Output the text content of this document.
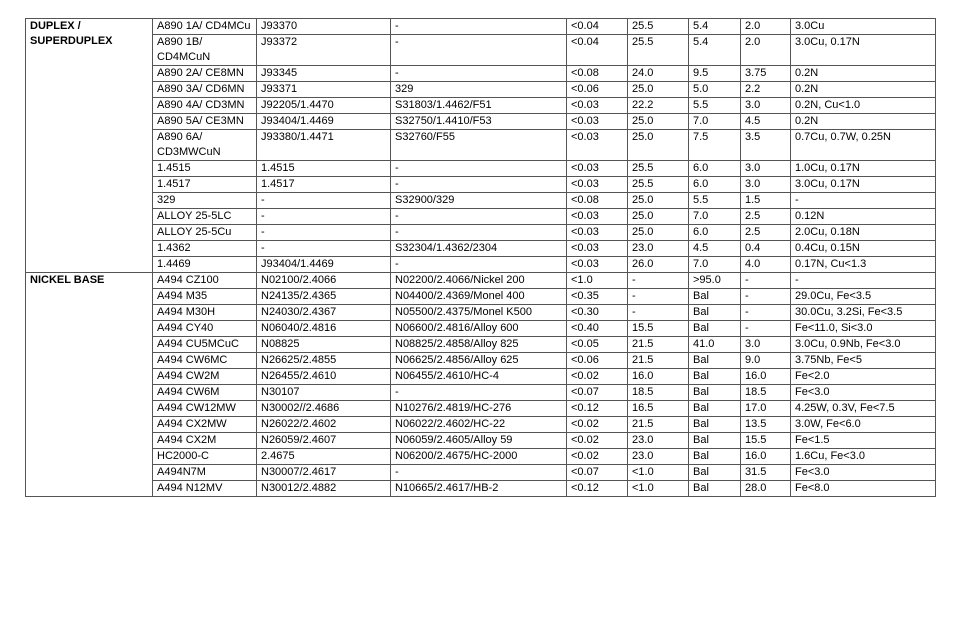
DUPLEX / SUPERDUPLEX	A890 1A/ CD4MCu	J93370	-	<0.04	25.5	5.4	2.0	3.0Cu
	A890 1B/ CD4MCuN	J93372	-	<0.04	25.5	5.4	2.0	3.0Cu, 0.17N
	A890 2A/ CE8MN	J93345	-	<0.08	24.0	9.5	3.75	0.2N
	A890 3A/ CD6MN	J93371	329	<0.06	25.0	5.0	2.2	0.2N
	A890 4A/ CD3MN	J92205/1.4470	S31803/1.4462/F51	<0.03	22.2	5.5	3.0	0.2N, Cu<1.0
	A890 5A/ CE3MN	J93404/1.4469	S32750/1.4410/F53	<0.03	25.0	7.0	4.5	0.2N
	A890 6A/ CD3MWCuN	J93380/1.4471	S32760/F55	<0.03	25.0	7.5	3.5	0.7Cu, 0.7W, 0.25N
	1.4515	1.4515	-	<0.03	25.5	6.0	3.0	1.0Cu, 0.17N
	1.4517	1.4517	-	<0.03	25.5	6.0	3.0	3.0Cu, 0.17N
	329	-	S32900/329	<0.08	25.0	5.5	1.5	-
	ALLOY 25-5LC	-	-	<0.03	25.0	7.0	2.5	0.12N
	ALLOY 25-5Cu	-	-	<0.03	25.0	6.0	2.5	2.0Cu, 0.18N
	1.4362	-	S32304/1.4362/2304	<0.03	23.0	4.5	0.4	0.4Cu, 0.15N
	1.4469	J93404/1.4469	-	<0.03	26.0	7.0	4.0	0.17N, Cu<1.3
NICKEL BASE	A494 CZ100	N02100/2.4066	N02200/2.4066/Nickel 200	<1.0	-	>95.0	-	-
	A494 M35	N24135/2.4365	N04400/2.4369/Monel 400	<0.35	-	Bal	-	29.0Cu, Fe<3.5
	A494 M30H	N24030/2.4367	N05500/2.4375/Monel K500	<0.30	-	Bal	-	30.0Cu, 3.2Si, Fe<3.5
	A494 CY40	N06040/2.4816	N06600/2.4816/Alloy 600	<0.40	15.5	Bal	-	Fe<11.0, Si<3.0
	A494 CU5MCuC	N08825	N08825/2.4858/Alloy 825	<0.05	21.5	41.0	3.0	3.0Cu, 0.9Nb, Fe<3.0
	A494 CW6MC	N26625/2.4855	N06625/2.4856/Alloy 625	<0.06	21.5	Bal	9.0	3.75Nb, Fe<5
	A494 CW2M	N26455/2.4610	N06455/2.4610/HC-4	<0.02	16.0	Bal	16.0	Fe<2.0
	A494 CW6M	N30107	-	<0.07	18.5	Bal	18.5	Fe<3.0
	A494 CW12MW	N30002//2.4686	N10276/2.4819/HC-276	<0.12	16.5	Bal	17.0	4.25W, 0.3V, Fe<7.5
	A494 CX2MW	N26022/2.4602	N06022/2.4602/HC-22	<0.02	21.5	Bal	13.5	3.0W, Fe<6.0
	A494 CX2M	N26059/2.4607	N06059/2.4605/Alloy 59	<0.02	23.0	Bal	15.5	Fe<1.5
	HC2000-C	2.4675	N06200/2.4675/HC-2000	<0.02	23.0	Bal	16.0	1.6Cu, Fe<3.0
	A494N7M	N30007/2.4617	-	<0.07	<1.0	Bal	31.5	Fe<3.0
	A494 N12MV	N30012/2.4882	N10665/2.4617/HB-2	<0.12	<1.0	Bal	28.0	Fe<8.0
